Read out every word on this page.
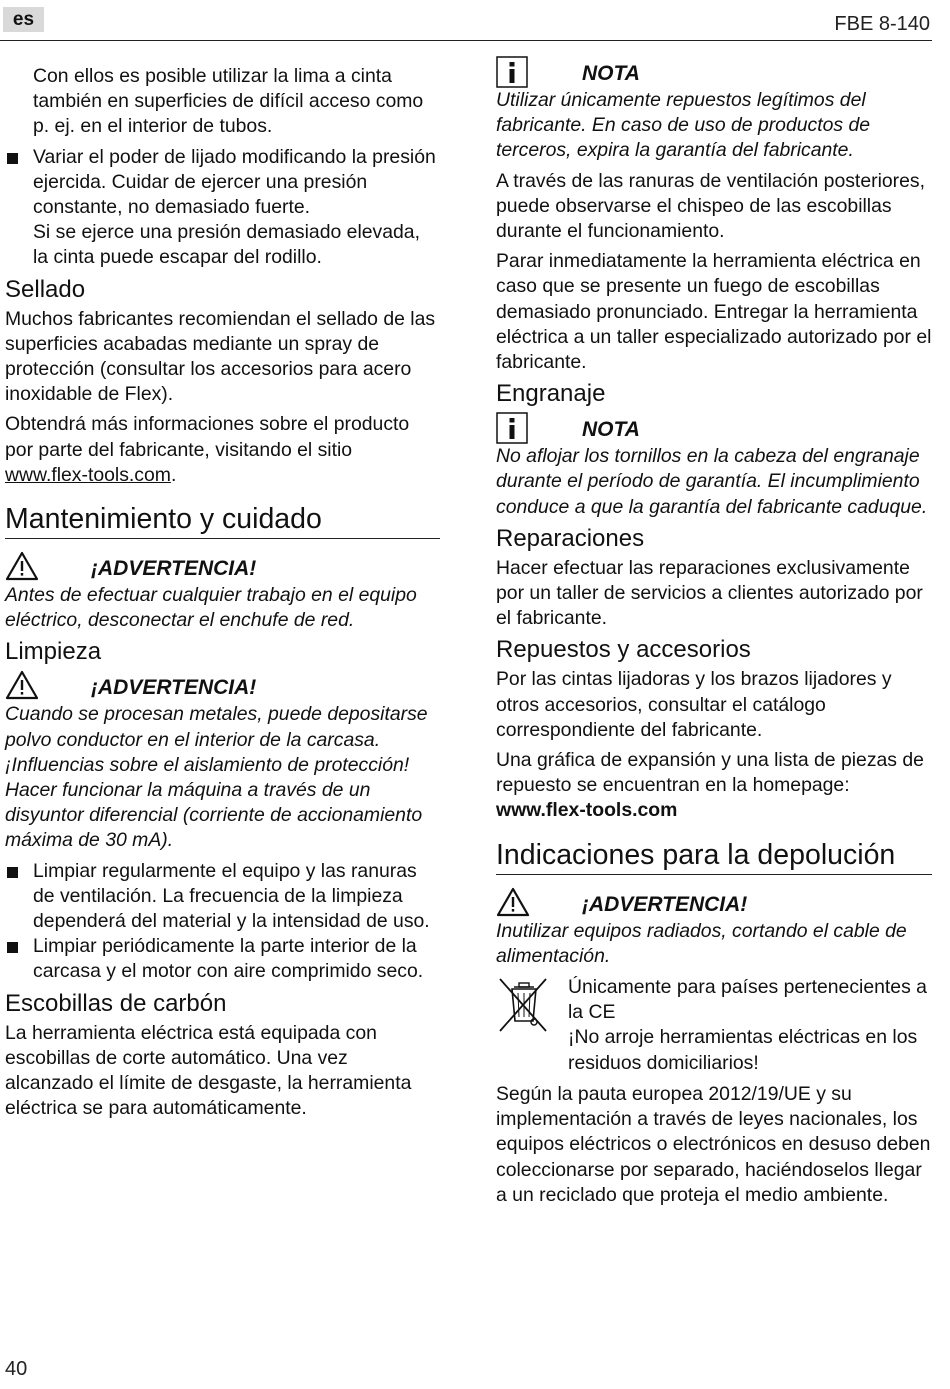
es	FBE 8-140

Con ellos es posible utilizar la lima a cinta también en superficies de difícil acceso como p. ej. en el interior de tubos.

Variar el poder de lijado modificando la presión ejercida. Cuidar de ejercer una presión constante, no demasiado fuerte.

Si se ejerce una presión demasiado elevada, la cinta puede escapar del rodillo.

Sellado

Muchos fabricantes recomiendan el sellado de las superficies acabadas mediante un spray de protección (consultar los accesorios para acero inoxidable de Flex).

Obtendrá más informaciones sobre el producto por parte del fabricante, visitando el sitio www.flex-tools.com.

Mantenimiento y cuidado
¡ADVERTENCIA!

Antes de efectuar cualquier trabajo en el equipo eléctrico, desconectar el enchufe de red.

Limpieza
¡ADVERTENCIA!

Cuando se procesan metales, puede depositarse polvo conductor en el interior de la carcasa. ¡Influencias sobre el aislamiento de protección! Hacer funcionar la máquina a través de un disyuntor diferencial (corriente de accionamiento máxima de 30 mA).

Limpiar regularmente el equipo y las ranuras de ventilación. La frecuencia de la limpieza dependerá del material y la intensidad de uso.

Limpiar periódicamente la parte interior de la carcasa y el motor con aire comprimido seco.

Escobillas de carbón

La herramienta eléctrica está equipada con escobillas de corte automático. Una vez alcanzado el límite de desgaste, la herramienta eléctrica se para automáticamente.

NOTA

Utilizar únicamente repuestos legítimos del fabricante. En caso de uso de productos de terceros, expira la garantía del fabricante.

A través de las ranuras de ventilación posteriores, puede observarse el chispeo de las escobillas durante el funcionamiento.

Parar inmediatamente la herramienta eléctrica en caso que se presente un fuego de escobillas demasiado pronunciado. Entregar la herramienta eléctrica a un taller especializado autorizado por el fabricante.

Engranaje
NOTA

No aflojar los tornillos en la cabeza del engranaje durante el período de garantía. El incumplimiento conduce a que la garantía del fabricante caduque.

Reparaciones

Hacer efectuar las reparaciones exclusivamente por un taller de servicios a clientes autorizado por el fabricante.

Repuestos y accesorios

Por las cintas lijadoras y los brazos lijadores y otros accesorios, consultar el catálogo correspondiente del fabricante.

Una gráfica de expansión y una lista de piezas de repuesto se encuentran en la homepage:

www.flex-tools.com

Indicaciones para la depolución
¡ADVERTENCIA!

Inutilizar equipos radiados, cortando el cable de alimentación.

Únicamente para países pertenecientes a la CE

¡No arroje herramientas eléctricas en los residuos domiciliarios!

Según la pauta europea 2012/19/UE y su implementación a través de leyes nacionales, los equipos eléctricos o electrónicos en desuso deben coleccionarse por separado, haciéndoselos llegar a un reciclado que proteja el medio ambiente.

40
